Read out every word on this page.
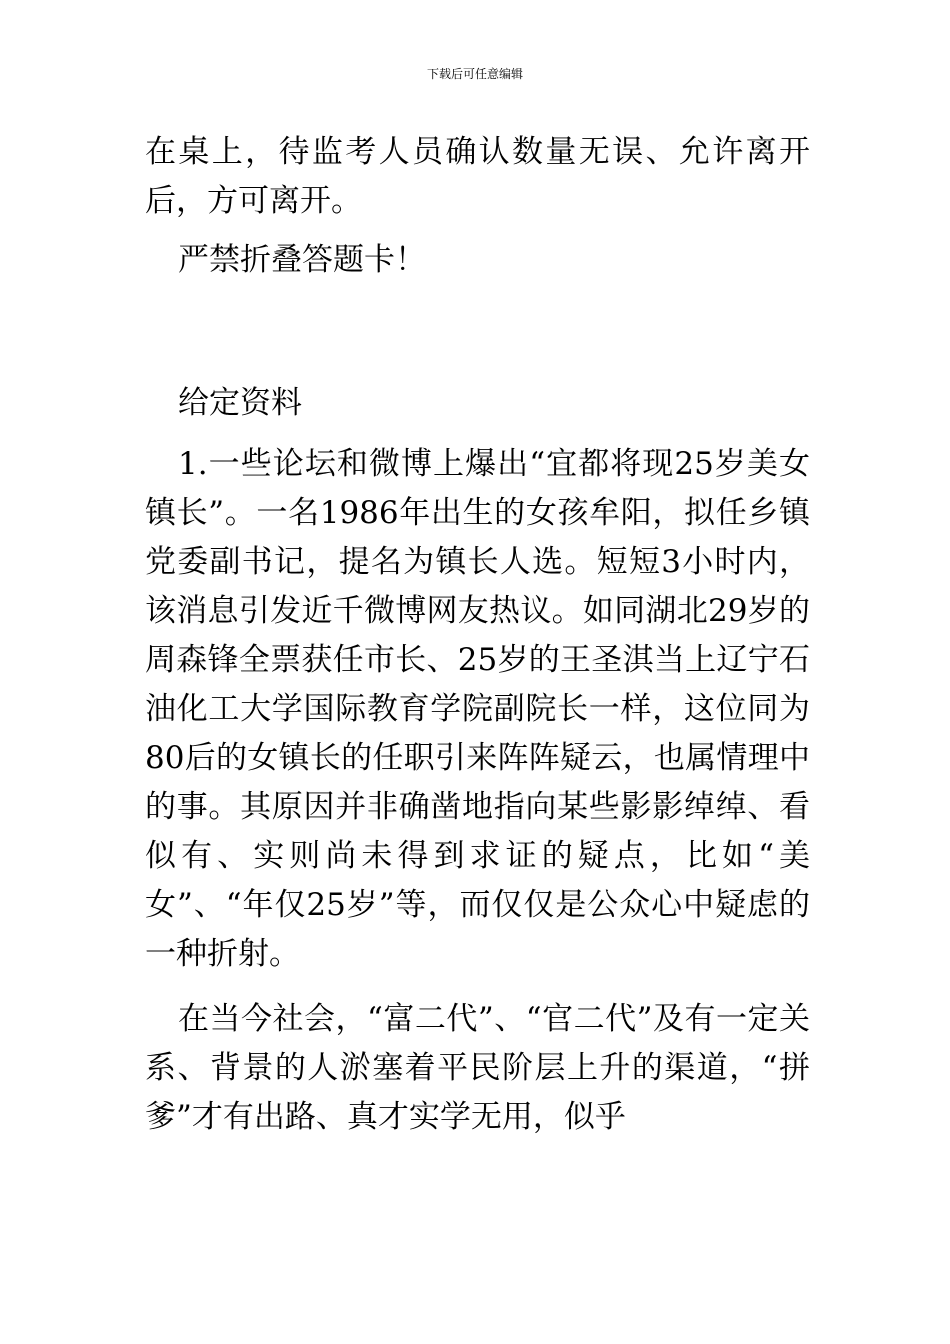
下载后可任意编辑

在桌上，待监考人员确认数量无误、允许离开后，方可离开。

严禁折叠答题卡！

给定资料

1.一些论坛和微博上爆出“宜都将现25岁美女镇长”。一名1986年出生的女孩牟阳，拟任乡镇党委副书记，提名为镇长人选。短短3小时内，该消息引发近千微博网友热议。如同湖北29岁的周森锋全票获任市长、25岁的王圣淇当上辽宁石油化工大学国际教育学院副院长一样，这位同为80后的女镇长的任职引来阵阵疑云，也属情理中的事。其原因并非确凿地指向某些影影绰绰、看似有、实则尚未得到求证的疑点，比如“美女”、“年仅25岁”等，而仅仅是公众心中疑虑的一种折射。

在当今社会，“富二代”、“官二代”及有一定关系、背景的人淤塞着平民阶层上升的渠道，“拼爹”才有出路、真才实学无用，似乎
